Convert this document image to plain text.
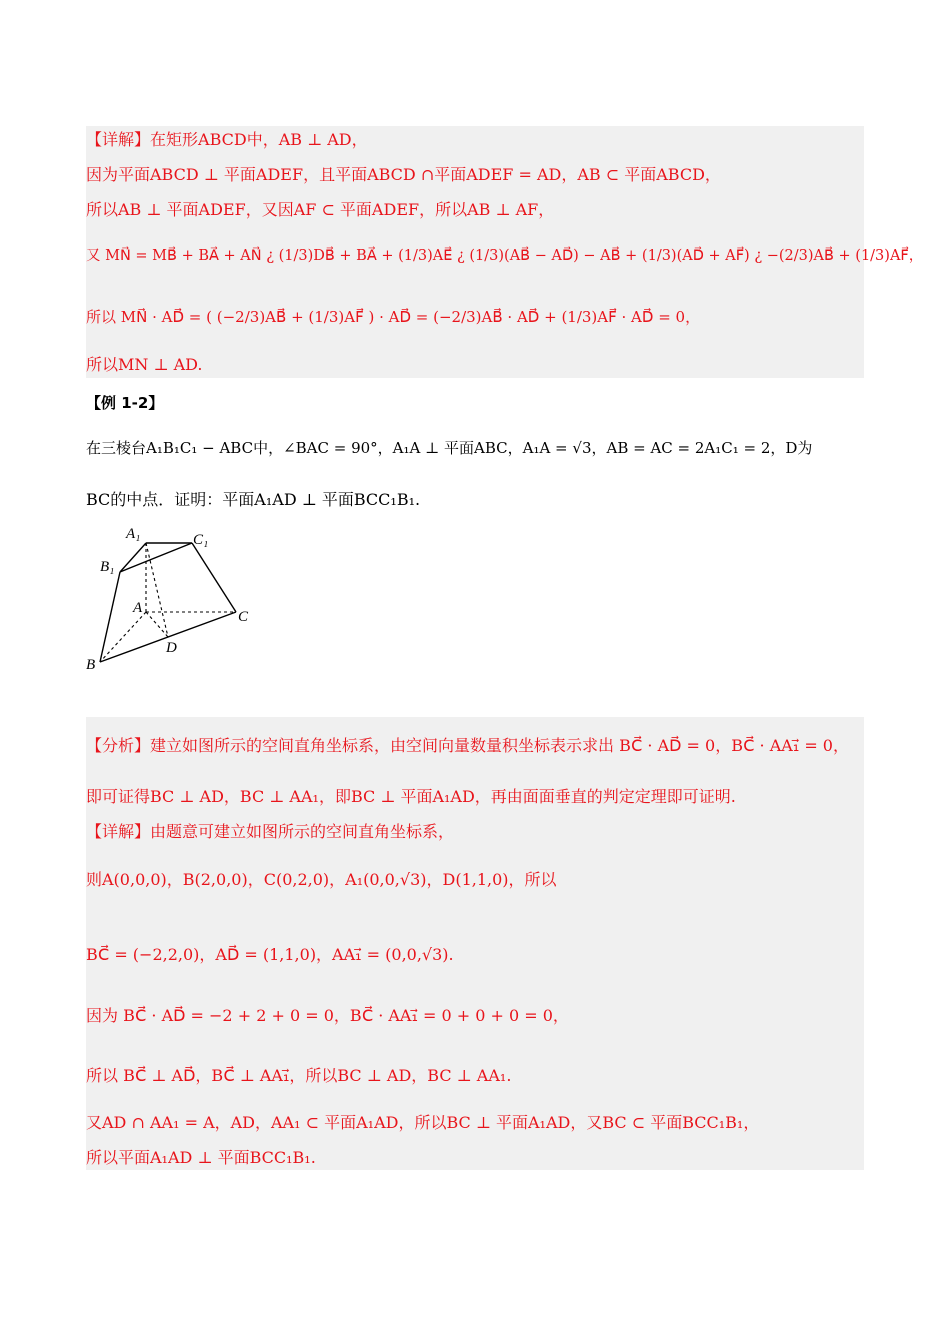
【详解】在矩形ABCD中，AB ⊥ AD，
因为平面ABCD ⊥ 平面ADEF，且平面ABCD ∩平面ADEF = AD，AB ⊂ 平面ABCD，
所以AB ⊥ 平面ADEF，又因AF ⊂ 平面ADEF，所以AB ⊥ AF，
又 MN⃗ = MB⃗ + BA⃗ + AN⃗ ¿ (1/3)DB⃗ + BA⃗ + (1/3)AE⃗ ¿ (1/3)(AB⃗ − AD⃗) − AB⃗ + (1/3)(AD⃗ + AF⃗) ¿ −(2/3)AB⃗ + (1/3)AF⃗，
所以 MN⃗ · AD⃗ = ( (−2/3)AB⃗ + (1/3)AF⃗ ) · AD⃗ = (−2/3)AB⃗ · AD⃗ + (1/3)AF⃗ · AD⃗ = 0，
所以MN ⊥ AD.
【例 1-2】
在三棱台A₁B₁C₁ − ABC中，∠BAC = 90°，A₁A ⊥ 平面ABC，A₁A = √3，AB = AC = 2A₁C₁ = 2，D为
BC的中点．证明：平面A₁AD ⊥ 平面BCC₁B₁.
A₁	C₁
B₁
A
C
D
B
【分析】建立如图所示的空间直角坐标系，由空间向量数量积坐标表示求出 BC⃗ · AD⃗ = 0，BC⃗ · AA₁⃗ = 0，
即可证得BC ⊥ AD，BC ⊥ AA₁，即BC ⊥ 平面A₁AD，再由面面垂直的判定定理即可证明.
【详解】由题意可建立如图所示的空间直角坐标系，
则A(0,0,0)，B(2,0,0)，C(0,2,0)，A₁(0,0,√3)，D(1,1,0)，所以
BC⃗ = (−2,2,0)，AD⃗ = (1,1,0)，AA₁⃗ = (0,0,√3).
因为 BC⃗ · AD⃗ = −2 + 2 + 0 = 0，BC⃗ · AA₁⃗ = 0 + 0 + 0 = 0，
所以 BC⃗ ⊥ AD⃗，BC⃗ ⊥ AA₁⃗，所以BC ⊥ AD，BC ⊥ AA₁.
又AD ∩ AA₁ = A，AD，AA₁ ⊂ 平面A₁AD，所以BC ⊥ 平面A₁AD，又BC ⊂ 平面BCC₁B₁，
所以平面A₁AD ⊥ 平面BCC₁B₁.
